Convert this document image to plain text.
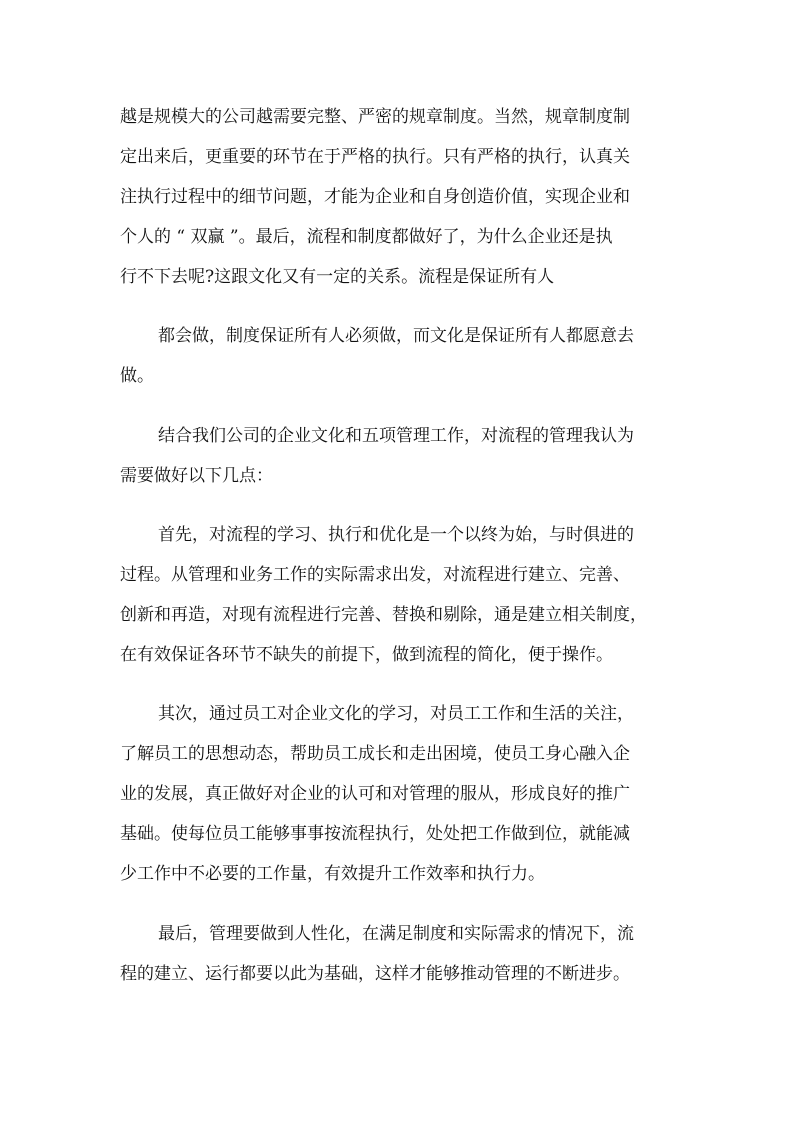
越是规模大的公司越需要完整、严密的规章制度。当然，规章制度制

定出来后，更重要的环节在于严格的执行。只有严格的执行，认真关

注执行过程中的细节问题，才能为企业和自身创造价值，实现企业和

个人的 “ 双赢 ”。最后，流程和制度都做好了，为什么企业还是执

行不下去呢?这跟文化又有一定的关系。流程是保证所有人

都会做，制度保证所有人必须做，而文化是保证所有人都愿意去

做。

结合我们公司的企业文化和五项管理工作，对流程的管理我认为

需要做好以下几点：

首先，对流程的学习、执行和优化是一个以终为始，与时俱进的

过程。从管理和业务工作的实际需求出发，对流程进行建立、完善、

创新和再造，对现有流程进行完善、替换和剔除，通是建立相关制度，

在有效保证各环节不缺失的前提下，做到流程的简化，便于操作。

其次，通过员工对企业文化的学习，对员工工作和生活的关注，

了解员工的思想动态，帮助员工成长和走出困境，使员工身心融入企

业的发展，真正做好对企业的认可和对管理的服从，形成良好的推广

基础。使每位员工能够事事按流程执行，处处把工作做到位，就能减

少工作中不必要的工作量，有效提升工作效率和执行力。

最后，管理要做到人性化，在满足制度和实际需求的情况下，流

程的建立、运行都要以此为基础，这样才能够推动管理的不断进步。
